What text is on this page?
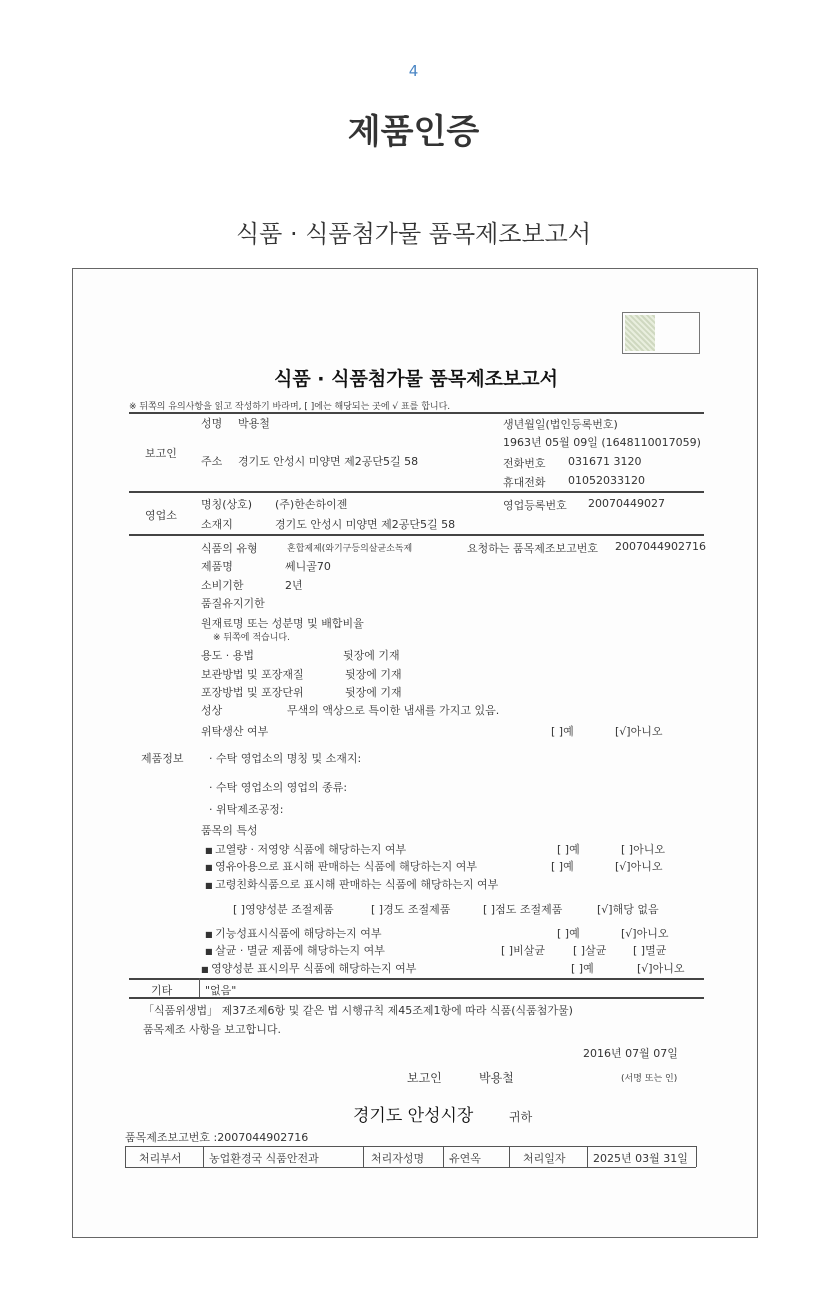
4
제품인증
식품 · 식품첨가물 품목제조보고서
식품 · 식품첨가물 품목제조보고서
※ 뒤쪽의 유의사항을 읽고 작성하기 바라며, [ ]에는 해당되는 곳에 √ 표를 합니다.
보고인
성명 박용철	생년월일(법인등록번호)
1963년 05월 09일 (1648110017059)
주소 경기도 안성시 미양면 제2공단5길 58	전화번호 031671 3120
휴대전화 01052033120
영업소
명칭(상호) (주)한손하이젠	영업등록번호 20070449027
소재지	경기도 안성시 미양면 제2공단5길 58
제품정보
식품의 유형	혼합제제(와기구등의살균소독제	요청하는 품목제조보고번호 2007044902716
제품명	쎄니골70
소비기한	2년
품질유지기한
원재료명 또는 성분명 및 배합비율
※ 뒤쪽에 적습니다.
용도 · 용법	뒷장에 기재
보관방법 및 포장재질	뒷장에 기재
포장방법 및 포장단위	뒷장에 기재
성상	무색의 액상으로 특이한 냄새를 가지고 있음.
위탁생산 여부	[ ]예	[√]아니오
· 수탁 영업소의 명칭 및 소재지:
· 수탁 영업소의 영업의 종류:
· 위탁제조공정:
품목의 특성
■ 고열량 · 저영양 식품에 해당하는지 여부	[ ]예	[ ]아니오
■ 영유아용으로 표시해 판매하는 식품에 해당하는지 여부	[ ]예	[√]아니오
■ 고령친화식품으로 표시해 판매하는 식품에 해당하는지 여부
[ ]영양성분 조절제품	[ ]경도 조절제품	[ ]점도 조절제품	[√]해당 없음
■ 기능성표시식품에 해당하는지 여부	[ ]예	[√]아니오
■ 살균 · 멸균 제품에 해당하는지 여부	[ ]비살균	[ ]살균 [ ]멸균
■ 영양성분 표시의무 식품에 해당하는지 여부	[ ]예	[√]아니오
기타	"없음"
「식품위생법」 제37조제6항 및 같은 법 시행규칙 제45조제1항에 따라 식품(식품첨가물)
품목제조 사항을 보고합니다.
2016년 07월 07일
보고인	박용철	(서명 또는 인)
경기도 안성시장	귀하
품목제조보고번호 :2007044902716
처리부서 농업환경국 식품안전과	처리자성명 유연옥	처리일자 2025년 03월 31일
